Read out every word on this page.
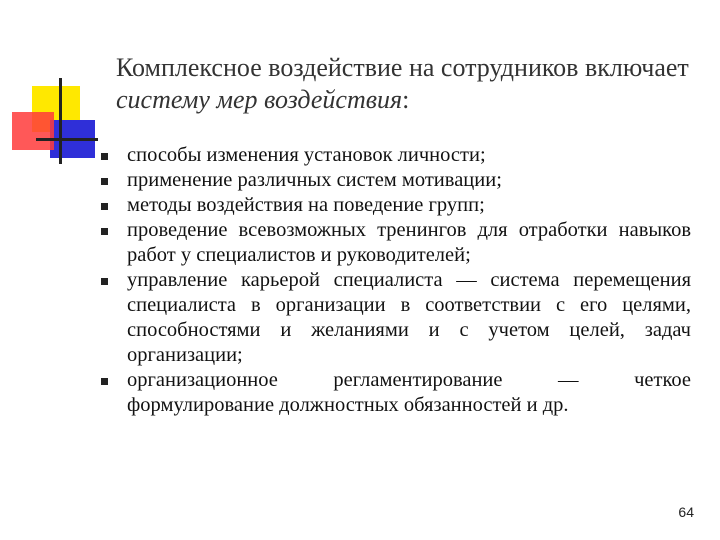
Комплексное воздействие на сотрудников включает систему мер воздействия:
способы изменения установок личности;
применение различных систем мотивации;
методы воздействия на поведение групп;
проведение всевозможных тренингов для отработки навыков работ у специалистов и руководителей;
управление карьерой специалиста — система перемещения специалиста в организации в соответствии с его целями, способностями и желаниями и с учетом целей, задач организации;
организационное регламентирование — четкое формулирование должностных обязанностей и др.
64
